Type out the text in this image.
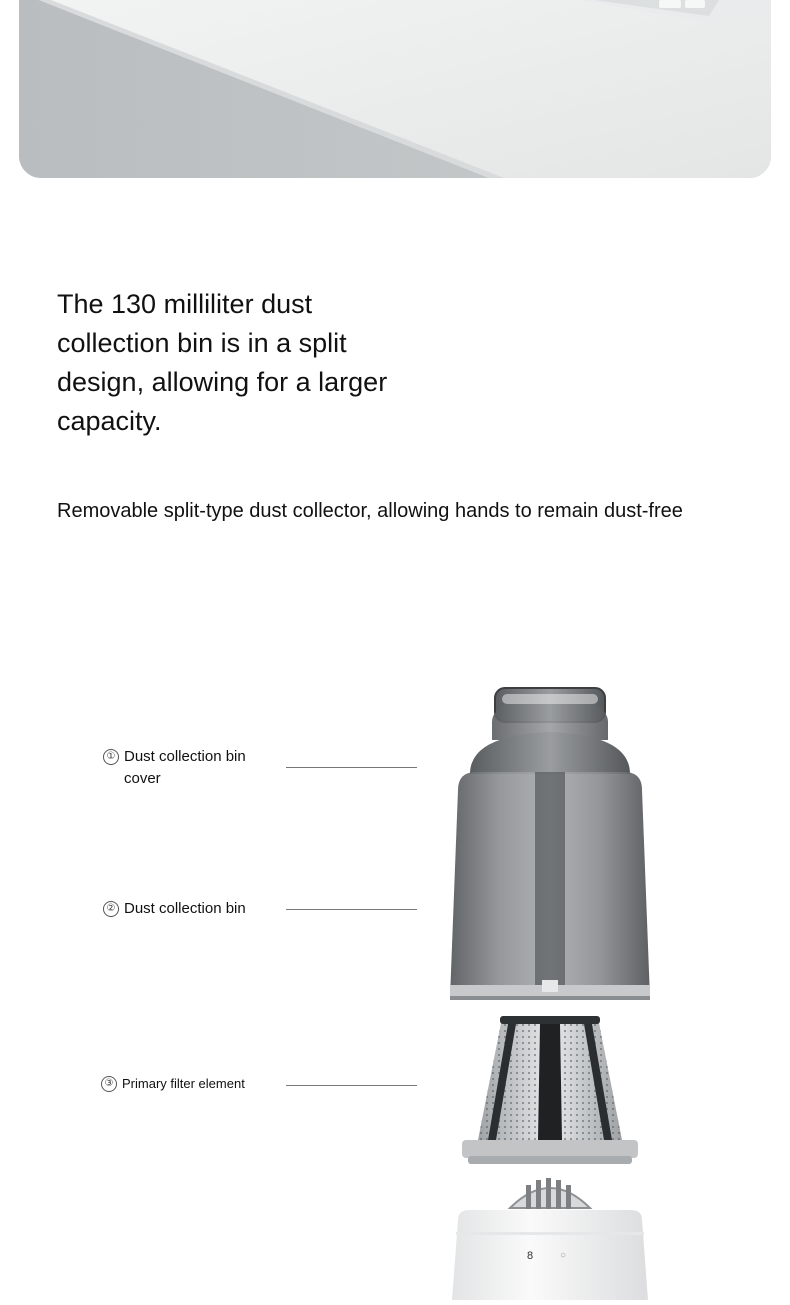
The 130 milliliter dust collection bin is in a split design, allowing for a larger capacity.

Removable split-type dust collector, allowing hands to remain dust-free

① Dust collection bin cover
② Dust collection bin
③ Primary filter element
8	○
